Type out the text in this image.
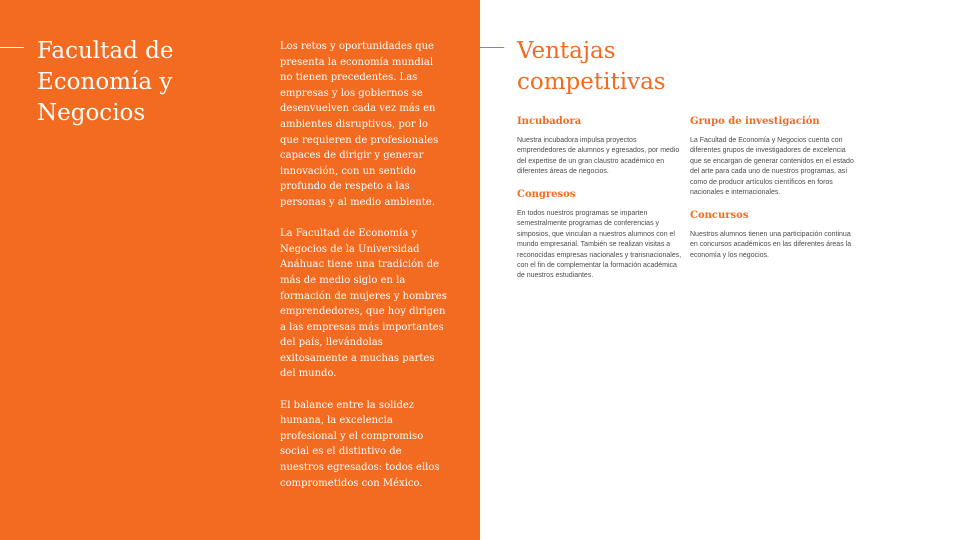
Facultad de Economía y Negocios

Los retos y oportunidades que presenta la economía mundial no tienen precedentes. Las empresas y los gobiernos se desenvuelven cada vez más en ambientes disruptivos, por lo que requieren de profesionales capaces de dirigir y generar innovación, con un sentido profundo de respeto a las personas y al medio ambiente.

La Facultad de Economía y Negocios de la Universidad Anáhuac tiene una tradición de más de medio siglo en la formación de mujeres y hombres emprendedores, que hoy dirigen a las empresas más importantes del país, llevándolas exitosamente a muchas partes del mundo.

El balance entre la solidez humana, la excelencia profesional y el compromiso social es el distintivo de nuestros egresados: todos ellos comprometidos con México.

Ventajas competitivas
Incubadora

Nuestra incubadora impulsa proyectos emprendedores de alumnos y egresados, por medio del expertise de un gran claustro académico en diferentes áreas de negocios.

Congresos

En todos nuestros programas se imparten semestralmente programas de conferencias y simposios, que vinculan a nuestros alumnos con el mundo empresarial. También se realizan visitas a reconocidas empresas nacionales y transnacionales, con el fin de complementar la formación académica de nuestros estudiantes.

Grupo de investigación

La Facultad de Economía y Negocios cuenta con diferentes grupos de investigadores de excelencia que se encargan de generar contenidos en el estado del arte para cada uno de nuestros programas, así como de producir artículos científicos en foros nacionales e internacionales.

Concursos

Nuestros alumnos tienen una participación continua en concursos académicos en las diferentes áreas la economía y los negocios.
